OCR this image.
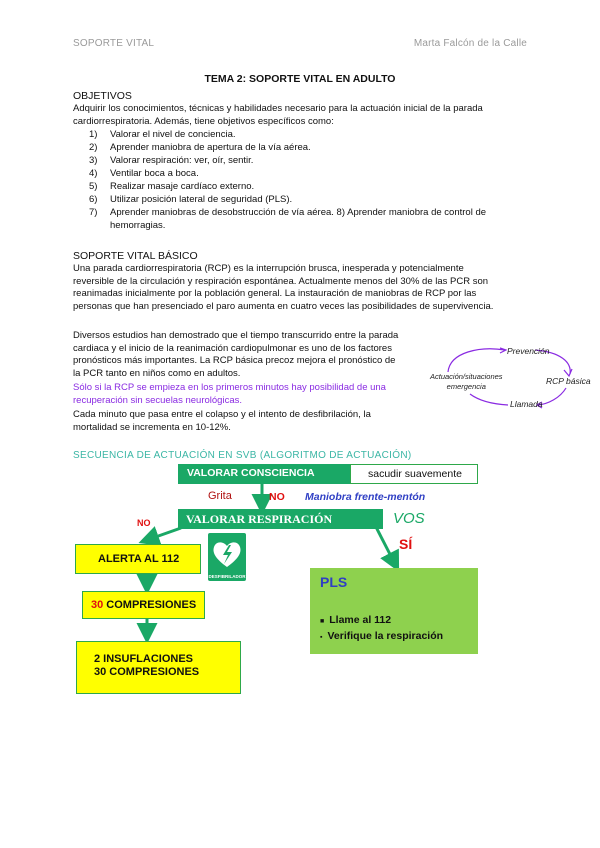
SOPORTE VITAL	Marta Falcón de la Calle
TEMA 2: SOPORTE VITAL EN ADULTO
OBJETIVOS
Adquirir los conocimientos, técnicas y habilidades necesario para la actuación inicial de la parada
cardiorrespiratoria. Además, tiene objetivos específicos como:
1) Valorar el nivel de conciencia.
2) Aprender maniobra de apertura de la vía aérea.
3) Valorar respiración: ver, oír, sentir.
4) Ventilar boca a boca.
5) Realizar masaje cardíaco externo.
6) Utilizar posición lateral de seguridad (PLS).
7) Aprender maniobras de desobstrucción de vía aérea. 8) Aprender maniobra de control de hemorragias.
SOPORTE VITAL BÁSICO
Una parada cardiorrespiratoria (RCP) es la interrupción brusca, inesperada y potencialmente
reversible de la circulación y respiración espontánea. Actualmente menos del 30% de las PCR son
reanimadas inicialmente por la población general. La instauración de maniobras de RCP por las
personas que han presenciado el paro aumenta en cuatro veces las posibilidades de supervivencia.
Diversos estudios han demostrado que el tiempo transcurrido entre la parada
cardiaca y el inicio de la reanimación cardiopulmonar es uno de los factores
pronósticos más importantes. La RCP básica precoz mejora el pronóstico de
la PCR tanto en niños como en adultos.
Sólo si la RCP se empieza en los primeros minutos hay posibilidad de una
recuperación sin secuelas neurológicas.
Cada minuto que pasa entre el colapso y el intento de desfibrilación, la
mortalidad se incrementa en 10-12%.
Prevención
RCP básica
Llamada
Actuación/situaciones
emergencia
SECUENCIA DE ACTUACIÓN EN SVB (ALGORITMO DE ACTUACIÓN)
VALORAR CONSCIENCIA	sacudir suavemente
Grita	NO Maniobra frente-mentón
VALORAR RESPIRACIÓN
NO	VOS
SÍ
ALERTA AL 112
DESFIBRILADOR
30 COMPRESIONES
2 INSUFLACIONES
30 COMPRESIONES
PLS
■ Llame al 112
▪ Verifique la respiración
